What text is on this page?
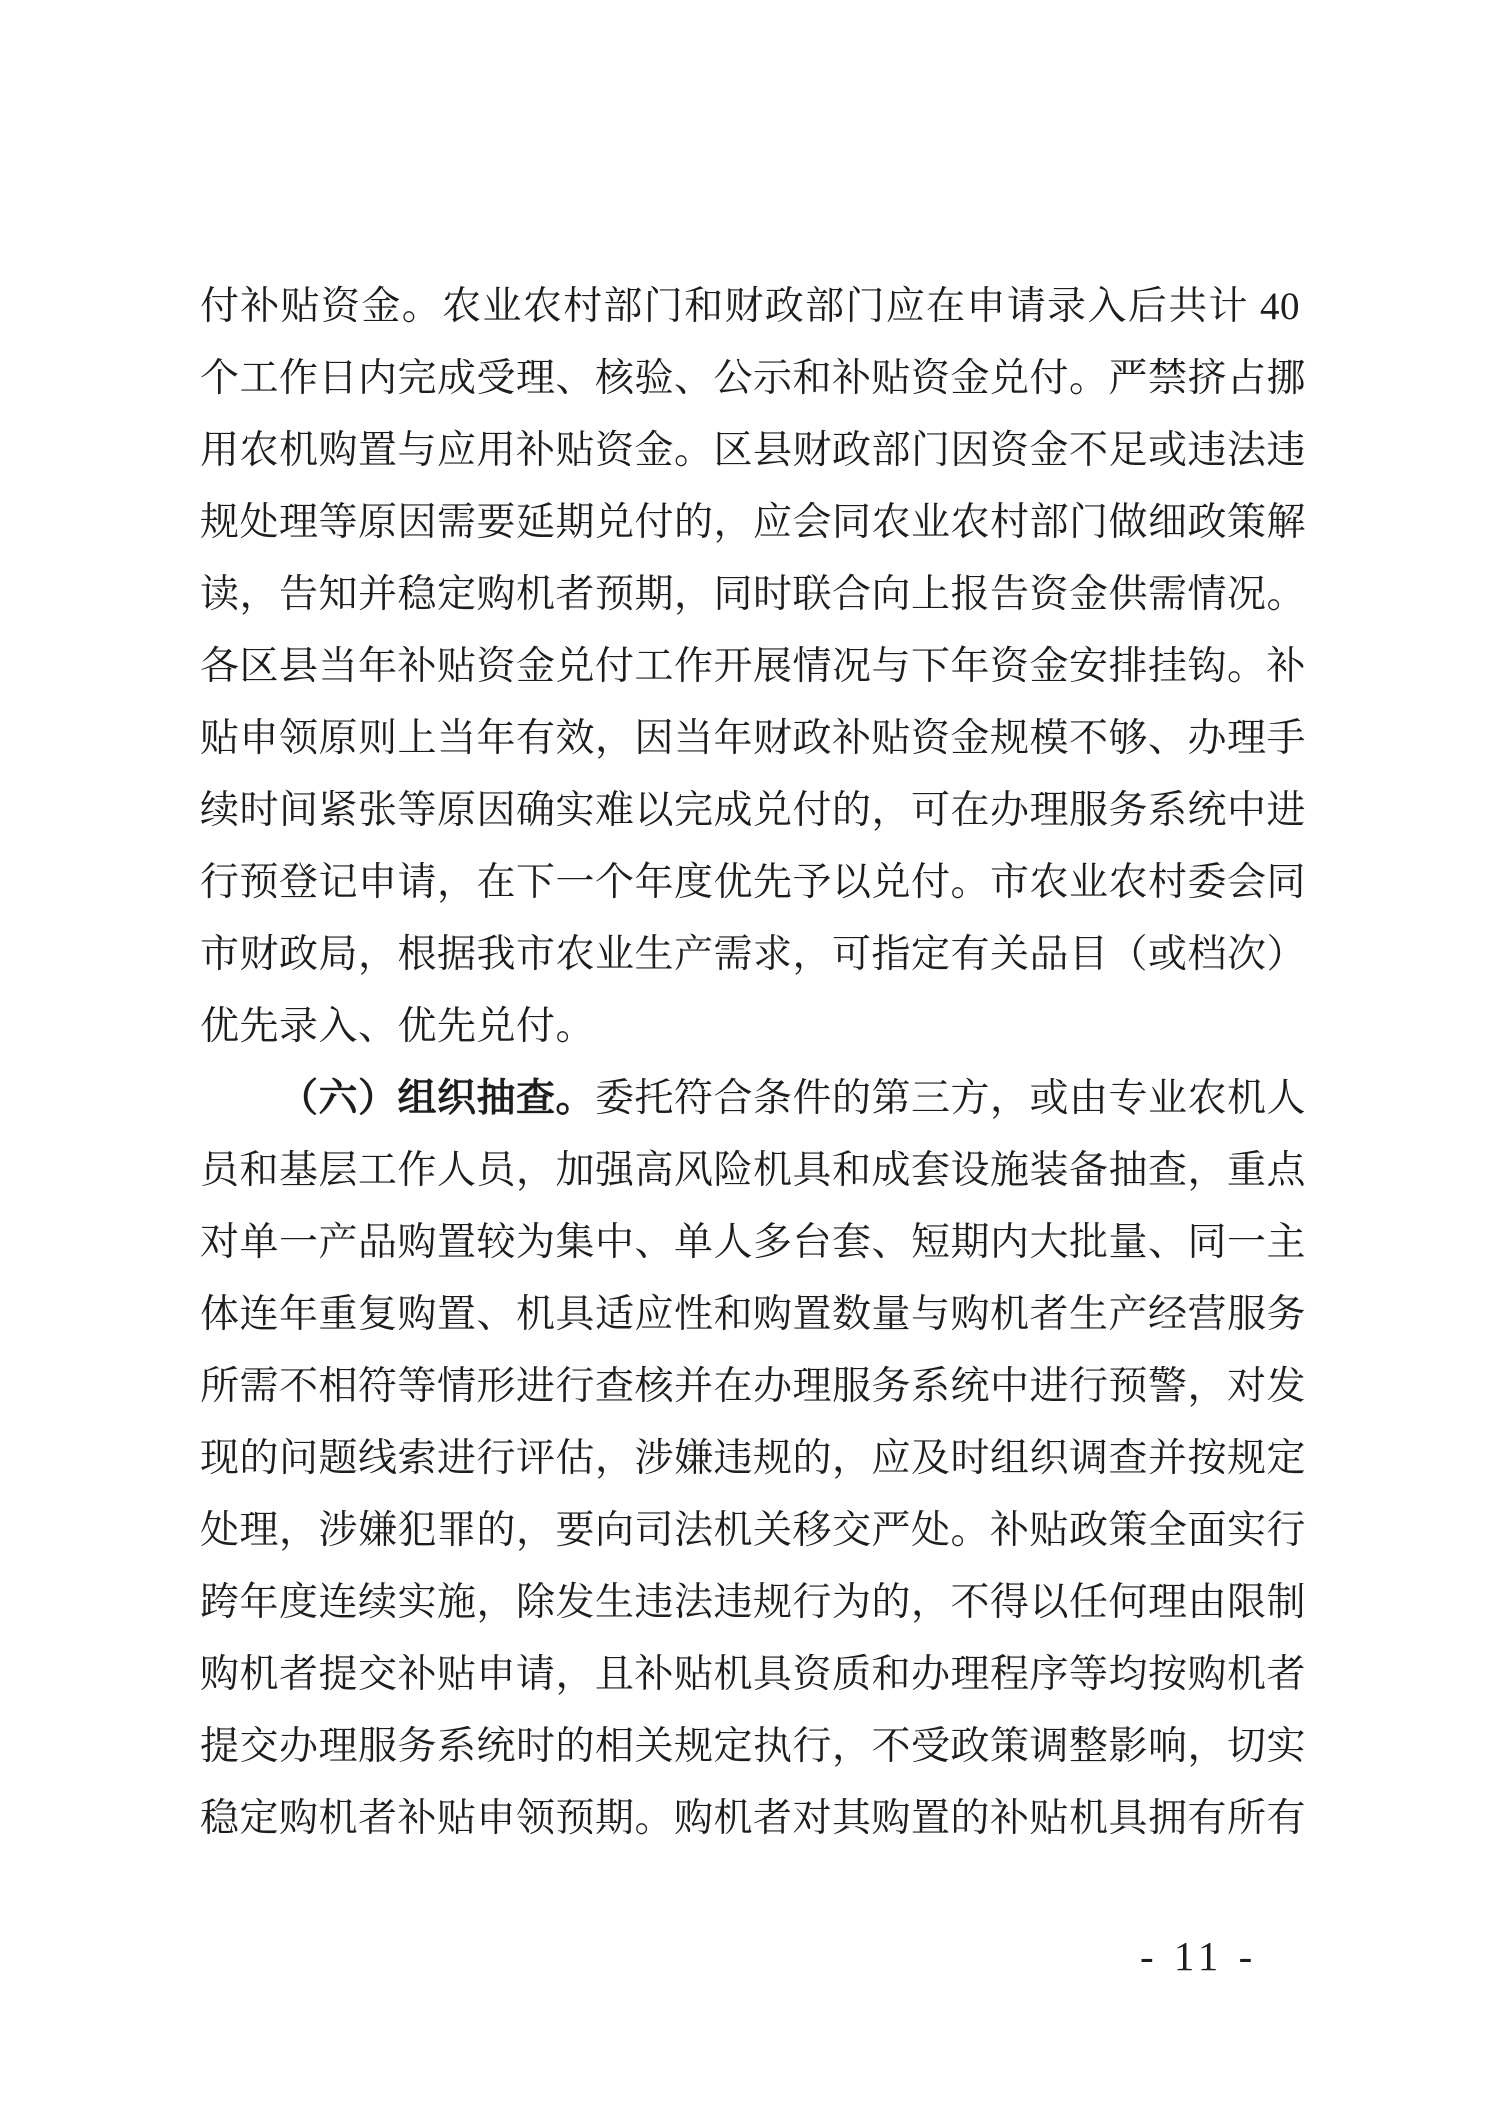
付补贴资金。农业农村部门和财政部门应在申请录入后共计 40
个工作日内完成受理、核验、公示和补贴资金兑付。严禁挤占挪
用农机购置与应用补贴资金。区县财政部门因资金不足或违法违
规处理等原因需要延期兑付的，应会同农业农村部门做细政策解
读，告知并稳定购机者预期，同时联合向上报告资金供需情况。
各区县当年补贴资金兑付工作开展情况与下年资金安排挂钩。补
贴申领原则上当年有效，因当年财政补贴资金规模不够、办理手
续时间紧张等原因确实难以完成兑付的，可在办理服务系统中进
行预登记申请，在下一个年度优先予以兑付。市农业农村委会同
市财政局，根据我市农业生产需求，可指定有关品目（或档次）
优先录入、优先兑付。
（六）组织抽查。委托符合条件的第三方，或由专业农机人
员和基层工作人员，加强高风险机具和成套设施装备抽查，重点
对单一产品购置较为集中、单人多台套、短期内大批量、同一主
体连年重复购置、机具适应性和购置数量与购机者生产经营服务
所需不相符等情形进行查核并在办理服务系统中进行预警，对发
现的问题线索进行评估，涉嫌违规的，应及时组织调查并按规定
处理，涉嫌犯罪的，要向司法机关移交严处。补贴政策全面实行
跨年度连续实施，除发生违法违规行为的，不得以任何理由限制
购机者提交补贴申请，且补贴机具资质和办理程序等均按购机者
提交办理服务系统时的相关规定执行，不受政策调整影响，切实
稳定购机者补贴申领预期。购机者对其购置的补贴机具拥有所有
- 11 -
